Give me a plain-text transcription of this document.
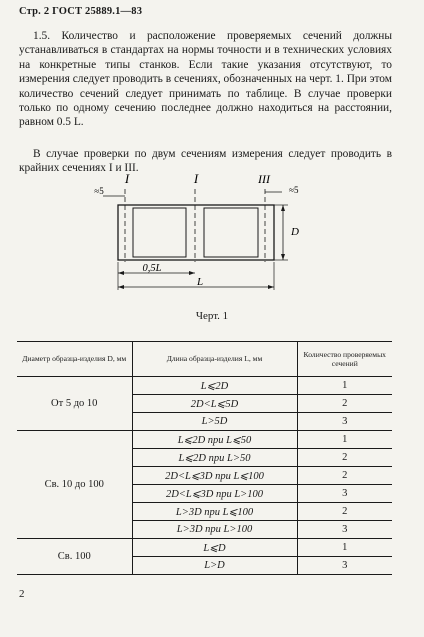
Стр. 2 ГОСТ 25889.1—83
1.5. Количество и расположение проверяемых сечений должны устанавливаться в стандартах на нормы точности и в технических условиях на конкретные типы станков. Если такие указания отсутствуют, то измерения следует проводить в сечениях, обозначенных на черт. 1. При этом количество сечений следует принимать по таблице. В случае проверки только по одному сечению последнее должно находиться на расстоянии, равном 0.5 L.
В случае проверки по двум сечениям измерения следует проводить в крайних сечениях I и III.
I	I	III
≈5	≈5
D
0,5L
L
Черт. 1
Диаметр образца-изделия D, мм	Длина образца-изделия L, мм	Количество проверяемых сечений
От 5 до 10	L⩽2D	1
	2D<L⩽5D	2
	L>5D	3
Св. 10 до 100	L⩽2D при L⩽50	1
	L⩽2D при L>50	2
	2D<L⩽3D при L⩽100	2
	2D<L⩽3D при L>100	3
	L>3D при L⩽100	2
	L>3D при L>100	3
Св. 100	L⩽D	1
	L>D	3
2
